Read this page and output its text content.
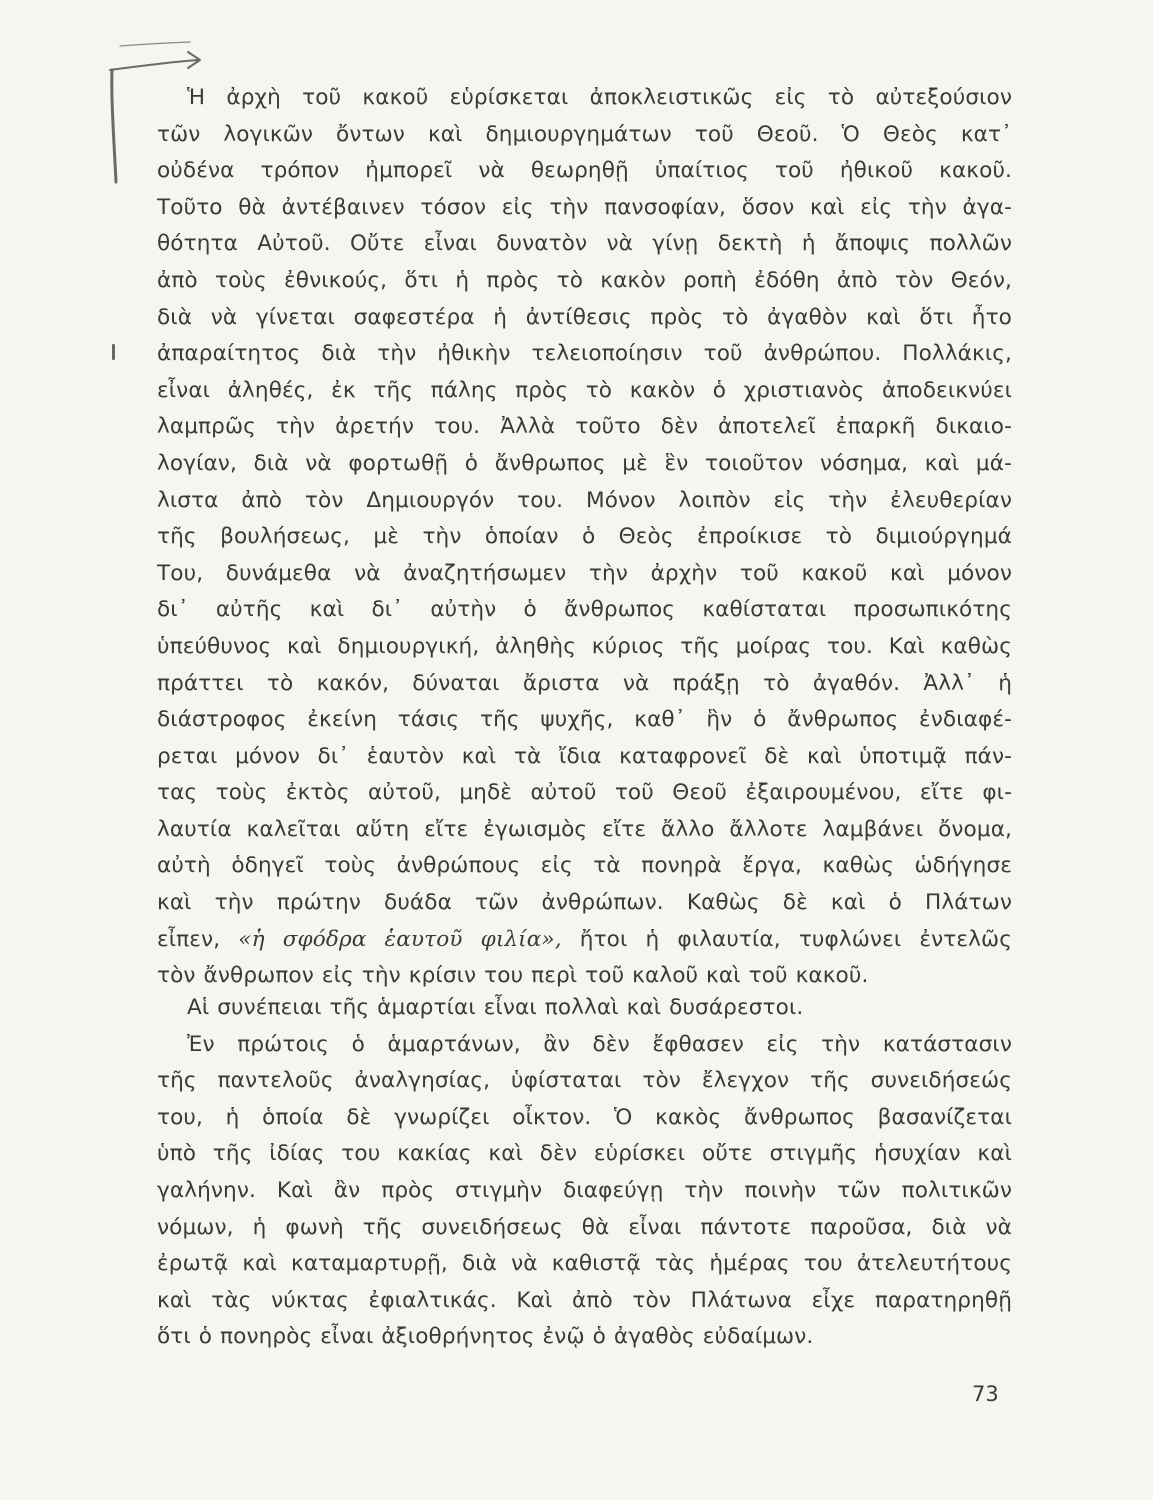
Ἡ ἀρχὴ τοῦ κακοῦ εὑρίσκεται ἀποκλειστικῶς εἰς τὸ αὐτεξούσιον
τῶν λογικῶν ὄντων καὶ δημιουργημάτων τοῦ Θεοῦ. Ὁ Θεὸς κατ᾽
οὐδένα τρόπον ἠμπορεῖ νὰ θεωρηθῇ ὑπαίτιος τοῦ ἠθικοῦ κακοῦ.
Τοῦτο θὰ ἀντέβαινεν τόσον εἰς τὴν πανσοφίαν, ὅσον καὶ εἰς τὴν ἀγα-
θότητα Αὐτοῦ. Οὔτε εἶναι δυνατὸν νὰ γίνῃ δεκτὴ ἡ ἄποψις πολλῶν
ἀπὸ τοὺς ἐθνικούς, ὅτι ἡ πρὸς τὸ κακὸν ροπὴ ἐδόθη ἀπὸ τὸν Θεόν,
διὰ νὰ γίνεται σαφεστέρα ἡ ἀντίθεσις πρὸς τὸ ἀγαθὸν καὶ ὅτι ἦτο
ἀπαραίτητος διὰ τὴν ἠθικὴν τελειοποίησιν τοῦ ἀνθρώπου. Πολλάκις,
εἶναι ἀληθές, ἐκ τῆς πάλης πρὸς τὸ κακὸν ὁ χριστιανὸς ἀποδεικνύει
λαμπρῶς τὴν ἀρετήν του. Ἀλλὰ τοῦτο δὲν ἀποτελεῖ ἐπαρκῆ δικαιο-
λογίαν, διὰ νὰ φορτωθῇ ὁ ἄνθρωπος μὲ ἓν τοιοῦτον νόσημα, καὶ μά-
λιστα ἀπὸ τὸν Δημιουργόν του. Μόνον λοιπὸν εἰς τὴν ἐλευθερίαν
τῆς βουλήσεως, μὲ τὴν ὁποίαν ὁ Θεὸς ἐπροίκισε τὸ διμιούργημά
Του, δυνάμεθα νὰ ἀναζητήσωμεν τὴν ἀρχὴν τοῦ κακοῦ καὶ μόνον
δι᾽ αὐτῆς καὶ δι᾽ αὐτὴν ὁ ἄνθρωπος καθίσταται προσωπικότης
ὑπεύθυνος καὶ δημιουργική, ἀληθὴς κύριος τῆς μοίρας του. Καὶ καθὼς
πράττει τὸ κακόν, δύναται ἄριστα νὰ πράξῃ τὸ ἀγαθόν. Ἀλλ᾽ ἡ
διάστροφος ἐκείνη τάσις τῆς ψυχῆς, καθ᾽ ἣν ὁ ἄνθρωπος ἐνδιαφέ-
ρεται μόνον δι᾽ ἑαυτὸν καὶ τὰ ἴδια καταφρονεῖ δὲ καὶ ὑποτιμᾷ πάν-
τας τοὺς ἐκτὸς αὐτοῦ, μηδὲ αὐτοῦ τοῦ Θεοῦ ἐξαιρουμένου, εἴτε φι-
λαυτία καλεῖται αὕτη εἴτε ἐγωισμὸς εἴτε ἄλλο ἄλλοτε λαμβάνει ὄνομα,
αὐτὴ ὁδηγεῖ τοὺς ἀνθρώπους εἰς τὰ πονηρὰ ἔργα, καθὼς ὡδήγησε
καὶ τὴν πρώτην δυάδα τῶν ἀνθρώπων. Καθὼς δὲ καὶ ὁ Πλάτων
εἶπεν, «ἡ σφόδρα ἑαυτοῦ φιλία», ἤτοι ἡ φιλαυτία, τυφλώνει ἐντελῶς
τὸν ἄνθρωπον εἰς τὴν κρίσιν του περὶ τοῦ καλοῦ καὶ τοῦ κακοῦ.
Αἱ συνέπειαι τῆς ἁμαρτίαι εἶναι πολλαὶ καὶ δυσάρεστοι.
Ἐν πρώτοις ὁ ἁμαρτάνων, ἂν δὲν ἔφθασεν εἰς τὴν κατάστασιν
τῆς παντελοῦς ἀναλγησίας, ὑφίσταται τὸν ἔλεγχον τῆς συνειδήσεώς
του, ἡ ὁποία δὲ γνωρίζει οἶκτον. Ὁ κακὸς ἄνθρωπος βασανίζεται
ὑπὸ τῆς ἰδίας του κακίας καὶ δὲν εὑρίσκει οὔτε στιγμῆς ἡσυχίαν καὶ
γαλήνην. Καὶ ἂν πρὸς στιγμὴν διαφεύγῃ τὴν ποινὴν τῶν πολιτικῶν
νόμων, ἡ φωνὴ τῆς συνειδήσεως θὰ εἶναι πάντοτε παροῦσα, διὰ νὰ
ἐρωτᾷ καὶ καταμαρτυρῇ, διὰ νὰ καθιστᾷ τὰς ἡμέρας του ἀτελευτήτους
καὶ τὰς νύκτας ἐφιαλτικάς. Καὶ ἀπὸ τὸν Πλάτωνα εἶχε παρατηρηθῇ
ὅτι ὁ πονηρὸς εἶναι ἀξιοθρήνητος ἐνῷ ὁ ἀγαθὸς εὐδαίμων.
73
